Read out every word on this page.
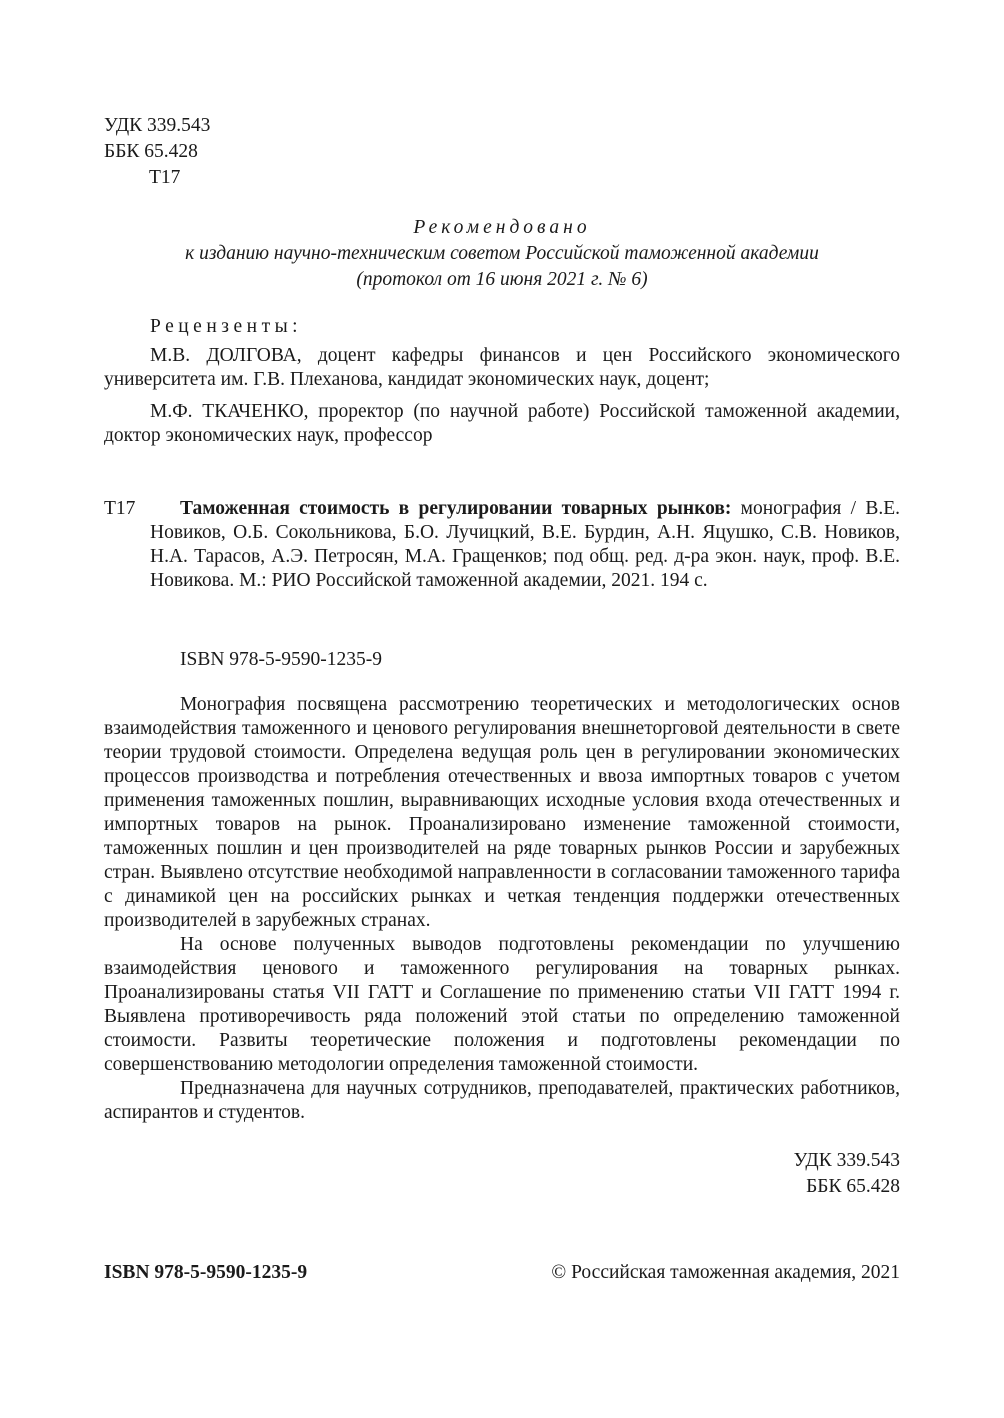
УДК 339.543
ББК 65.428
Т17
Рекомендовано
к изданию научно-техническим советом Российской таможенной академии
(протокол от 16 июня 2021 г. № 6)
Рецензенты:
М.В. ДОЛГОВА, доцент кафедры финансов и цен Российского экономического университета им. Г.В. Плеханова, кандидат экономических наук, доцент;
М.Ф. ТКАЧЕНКО, проректор (по научной работе) Российской таможенной академии, доктор экономических наук, профессор
Т17	Таможенная стоимость в регулировании товарных рынков: монография / В.Е. Новиков, О.Б. Сокольникова, Б.О. Лучицкий, В.Е. Бурдин, А.Н. Яцушко, С.В. Новиков, Н.А. Тарасов, А.Э. Петросян, М.А. Гращенков; под общ. ред. д-ра экон. наук, проф. В.Е. Новикова. М.: РИО Российской таможенной академии, 2021. 194 с.
ISBN 978-5-9590-1235-9

Монография посвящена рассмотрению теоретических и методологических основ взаимодействия таможенного и ценового регулирования внешнеторговой деятельности в свете теории трудовой стоимости. Определена ведущая роль цен в регулировании экономических процессов производства и потребления отечественных и ввоза импортных товаров с учетом применения таможенных пошлин, выравнивающих исходные условия входа отечественных и импортных товаров на рынок. Проанализировано изменение таможенной стоимости, таможенных пошлин и цен производителей на ряде товарных рынков России и зарубежных стран. Выявлено отсутствие необходимой направленности в согласовании таможенного тарифа с динамикой цен на российских рынках и четкая тенденция поддержки отечественных производителей в зарубежных странах.

На основе полученных выводов подготовлены рекомендации по улучшению взаимодействия ценового и таможенного регулирования на товарных рынках. Проанализированы статья VII ГАТТ и Соглашение по применению статьи VII ГАТТ 1994 г. Выявлена противоречивость ряда положений этой статьи по определению таможенной стоимости. Развиты теоретические положения и подготовлены рекомендации по совершенствованию методологии определения таможенной стоимости.

Предназначена для научных сотрудников, преподавателей, практических работников, аспирантов и студентов.

УДК 339.543
ББК 65.428
ISBN 978-5-9590-1235-9	© Российская таможенная академия, 2021
